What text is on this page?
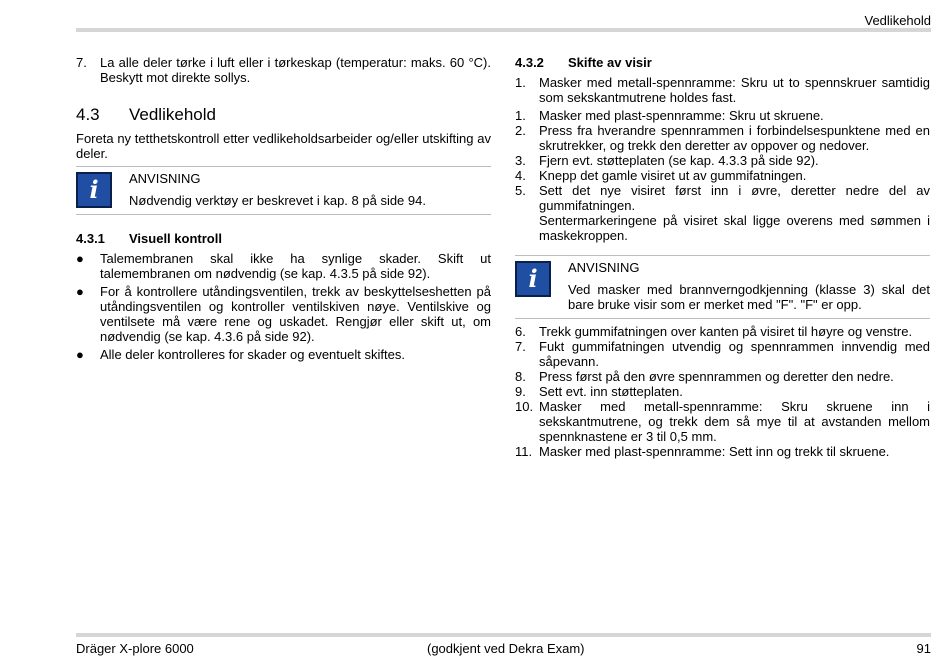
Vedlikehold
7.	La alle deler tørke i luft eller i tørkeskap (temperatur: maks. 60 °C). Beskytt mot direkte sollys.
4.3	Vedlikehold
Foreta ny tetthetskontroll etter vedlikeholdsarbeider og/eller utskifting av deler.
i ANVISNING
Nødvendig verktøy er beskrevet i kap. 8 på side 94.
4.3.1	Visuell kontroll
●	Talemembranen skal ikke ha synlige skader. Skift ut talemembranen om nødvendig (se kap. 4.3.5 på side 92).
●	For å kontrollere utåndingsventilen, trekk av beskyttelseshetten på utåndingsventilen og kontroller ventilskiven nøye. Ventilskive og ventilsete må være rene og uskadet. Rengjør eller skift ut, om nødvendig (se kap. 4.3.6 på side 92).
●	Alle deler kontrolleres for skader og eventuelt skiftes.
4.3.2	Skifte av visir
1.	Masker med metall-spennramme: Skru ut to spennskruer samtidig som sekskantmutrene holdes fast.
1.	Masker med plast-spennramme: Skru ut skruene.
2.	Press fra hverandre spennrammen i forbindelsespunktene med en skrutrekker, og trekk den deretter av oppover og nedover.
3.	Fjern evt. støtteplaten (se kap. 4.3.3 på side 92).
4.	Knepp det gamle visiret ut av gummifatningen.
5.	Sett det nye visiret først inn i øvre, deretter nedre del av gummifatningen.
Sentermarkeringene på visiret skal ligge overens med sømmen i maskekroppen.
i ANVISNING
Ved masker med brannverngodkjenning (klasse 3) skal det bare bruke visir som er merket med "F". "F" er opp.
6.	Trekk gummifatningen over kanten på visiret til høyre og venstre.
7.	Fukt gummifatningen utvendig og spennrammen innvendig med såpevann.
8.	Press først på den øvre spennrammen og deretter den nedre.
9.	Sett evt. inn støtteplaten.
10. Masker med metall-spennramme: Skru skruene inn i sekskantmutrene, og trekk dem så mye til at avstanden mellom spennknastene er 3 til 0,5 mm.
11. Masker med plast-spennramme: Sett inn og trekk til skruene.
Dräger X-plore 6000	(godkjent ved Dekra Exam)	91
